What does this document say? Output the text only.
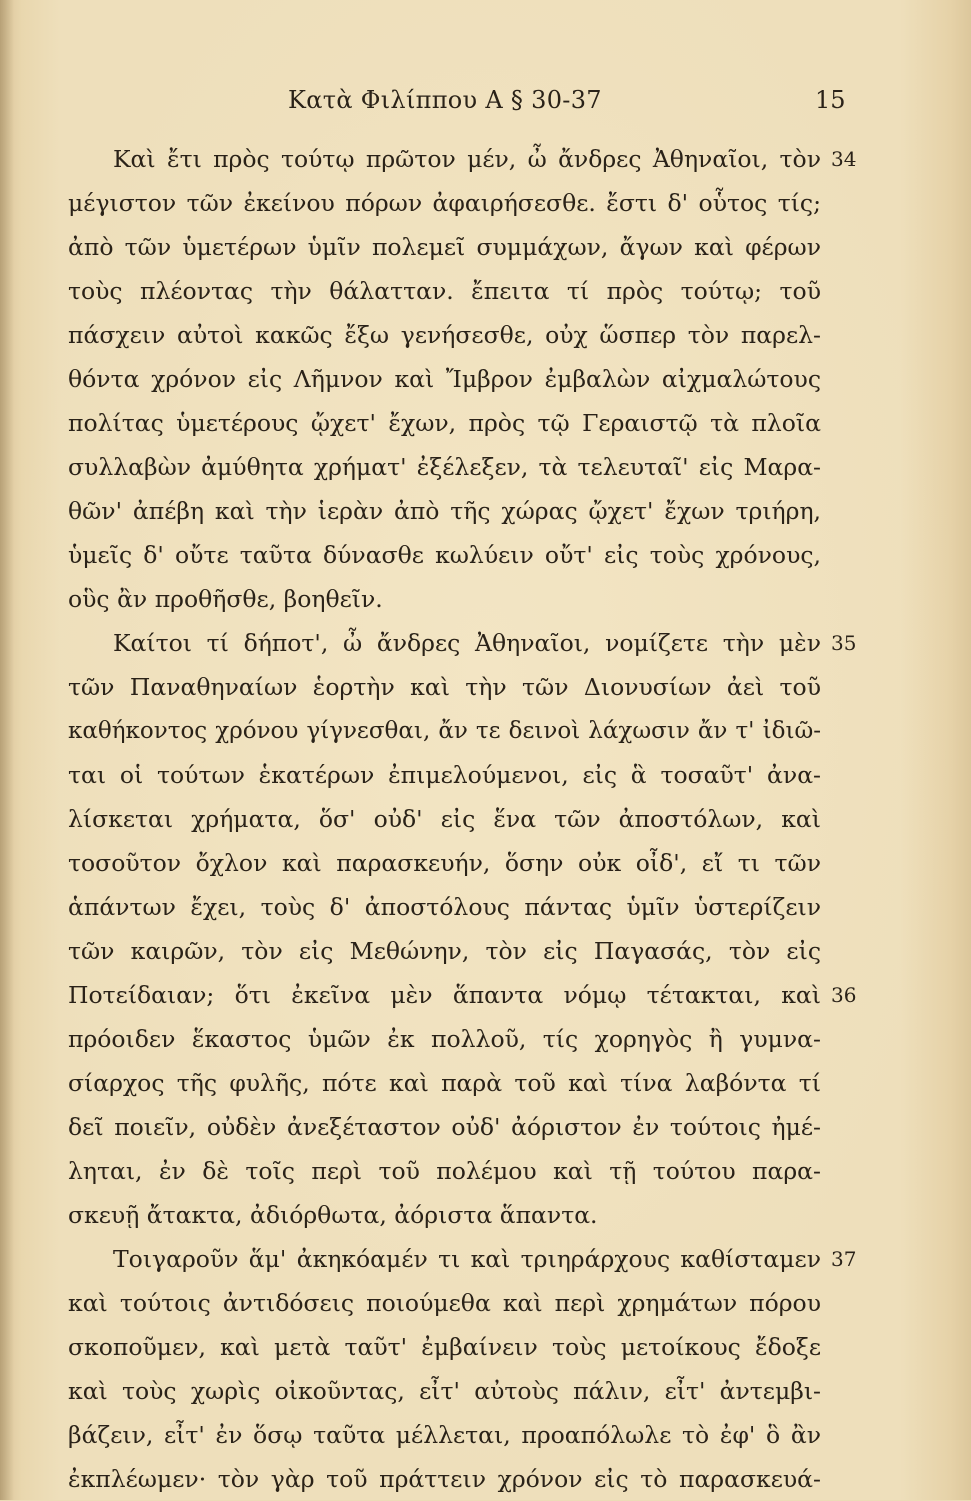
Κατὰ Φιλίππου Α § 30-37	15
Καὶ ἔτι πρὸς τούτῳ πρῶτον μέν, ὦ ἄνδρες Ἀθηναῖοι, τὸν 34
μέγιστον τῶν ἐκείνου πόρων ἀφαιρήσεσθε. ἔστι δ' οὗτος τίς;
ἀπὸ τῶν ὑμετέρων ὑμῖν πολεμεῖ συμμάχων, ἄγων καὶ φέρων
τοὺς πλέοντας τὴν θάλατταν. ἔπειτα τί πρὸς τούτῳ; τοῦ
πάσχειν αὐτοὶ κακῶς ἔξω γενήσεσθε, οὐχ ὥσπερ τὸν παρελ-
θόντα χρόνον εἰς Λῆμνον καὶ Ἴμβρον ἐμβαλὼν αἰχμαλώτους
πολίτας ὑμετέρους ᾤχετ' ἔχων, πρὸς τῷ Γεραιστῷ τὰ πλοῖα
συλλαβὼν ἀμύθητα χρήματ' ἐξέλεξεν, τὰ τελευταῖ' εἰς Μαρα-
θῶν' ἀπέβη καὶ τὴν ἱερὰν ἀπὸ τῆς χώρας ᾤχετ' ἔχων τριήρη,
ὑμεῖς δ' οὔτε ταῦτα δύνασθε κωλύειν οὔτ' εἰς τοὺς χρόνους,
οὓς ἂν προθῆσθε, βοηθεῖν.
Καίτοι τί δήποτ', ὦ ἄνδρες Ἀθηναῖοι, νομίζετε τὴν μὲν 35
τῶν Παναθηναίων ἑορτὴν καὶ τὴν τῶν Διονυσίων ἀεὶ τοῦ
καθήκοντος χρόνου γίγνεσθαι, ἄν τε δεινοὶ λάχωσιν ἄν τ' ἰδιῶ-
ται οἱ τούτων ἑκατέρων ἐπιμελούμενοι, εἰς ἃ τοσαῦτ' ἀνα-
λίσκεται χρήματα, ὅσ' οὐδ' εἰς ἕνα τῶν ἀποστόλων, καὶ
τοσοῦτον ὄχλον καὶ παρασκευήν, ὅσην οὐκ οἶδ', εἴ τι τῶν
ἁπάντων ἔχει, τοὺς δ' ἀποστόλους πάντας ὑμῖν ὑστερίζειν
τῶν καιρῶν, τὸν εἰς Μεθώνην, τὸν εἰς Παγασάς, τὸν εἰς
Ποτείδαιαν; ὅτι ἐκεῖνα μὲν ἅπαντα νόμῳ τέτακται, καὶ 36
πρόοιδεν ἕκαστος ὑμῶν ἐκ πολλοῦ, τίς χορηγὸς ἢ γυμνα-
σίαρχος τῆς φυλῆς, πότε καὶ παρὰ τοῦ καὶ τίνα λαβόντα τί
δεῖ ποιεῖν, οὐδὲν ἀνεξέταστον οὐδ' ἀόριστον ἐν τούτοις ἠμέ-
ληται, ἐν δὲ τοῖς περὶ τοῦ πολέμου καὶ τῇ τούτου παρα-
σκευῇ ἄτακτα, ἀδιόρθωτα, ἀόριστα ἅπαντα.
Τοιγαροῦν ἅμ' ἀκηκόαμέν τι καὶ τριηράρχους καθίσταμεν 37
καὶ τούτοις ἀντιδόσεις ποιούμεθα καὶ περὶ χρημάτων πόρου
σκοποῦμεν, καὶ μετὰ ταῦτ' ἐμβαίνειν τοὺς μετοίκους ἔδοξε
καὶ τοὺς χωρὶς οἰκοῦντας, εἶτ' αὐτοὺς πάλιν, εἶτ' ἀντεμβι-
βάζειν, εἶτ' ἐν ὅσῳ ταῦτα μέλλεται, προαπόλωλε τὸ ἐφ' ὃ ἂν
ἐκπλέωμεν· τὸν γὰρ τοῦ πράττειν χρόνον εἰς τὸ παρασκευά-
